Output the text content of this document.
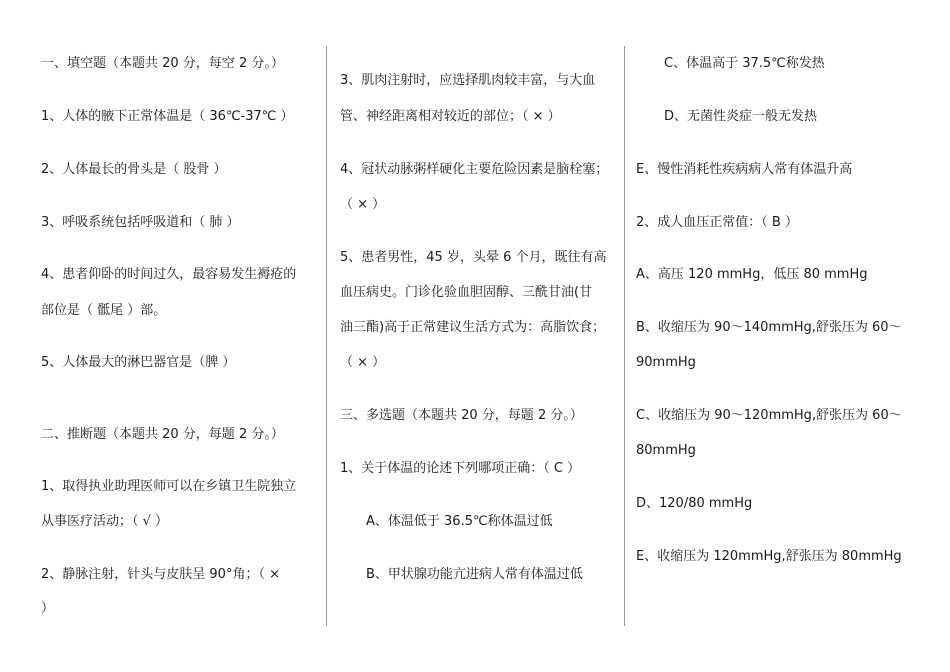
一、填空题（本题共 20 分，每空 2 分。）
1、人体的腋下正常体温是（ 36℃-37℃ ）
2、人体最长的骨头是（ 股骨 ）
3、呼吸系统包括呼吸道和（ 肺 ）
4、患者仰卧的时间过久，最容易发生褥疮的
部位是（ 骶尾 ）部。
5、人体最大的淋巴器官是（脾 ）
二、推断题（本题共 20 分，每题 2 分。）
1、取得执业助理医师可以在乡镇卫生院独立
从事医疗活动；（ √ ）
2、静脉注射，针头与皮肤呈 90°角；（ ×
）
3、肌肉注射时，应选择肌肉较丰富，与大血
管、神经距离相对较近的部位；（ × ）
4、冠状动脉粥样硬化主要危险因素是脑栓塞；
（ × ）
5、患者男性，45 岁，头晕 6 个月，既往有高
血压病史。门诊化验血胆固醇、三酰甘油(甘
油三酯)高于正常建议生活方式为：高脂饮食；
（ × ）
三、多选题（本题共 20 分，每题 2 分。）
1、关于体温的论述下列哪项正确：（ C ）
A、体温低于 36.5℃称体温过低
B、甲状腺功能亢进病人常有体温过低
C、体温高于 37.5℃称发热
D、无菌性炎症一般无发热
E、慢性消耗性疾病病人常有体温升高
2、成人血压正常值：（ B ）
A、高压 120 mmHg，低压 80 mmHg
B、收缩压为 90～140mmHg,舒张压为 60～
90mmHg
C、收缩压为 90～120mmHg,舒张压为 60～
80mmHg
D、120/80 mmHg
E、收缩压为 120mmHg,舒张压为 80mmHg
